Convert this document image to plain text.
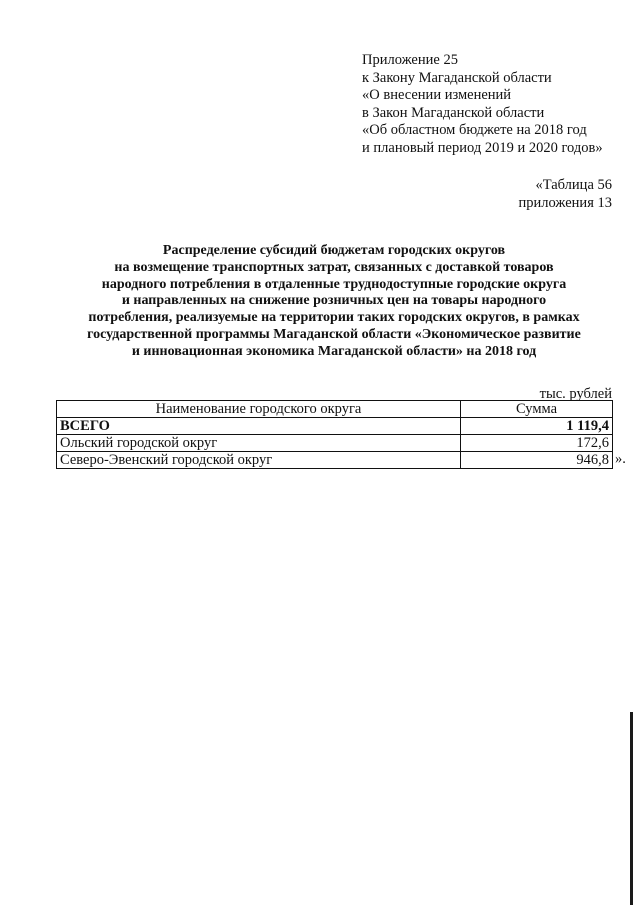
Приложение 25
к Закону Магаданской области
«О внесении изменений
в Закон Магаданской области
«Об областном бюджете на 2018 год
и плановый период 2019 и 2020 годов»
«Таблица 56
приложения 13
Распределение субсидий бюджетам городских округов
на возмещение транспортных затрат, связанных с доставкой товаров
народного потребления в отдаленные труднодоступные городские округа
и направленных на снижение розничных цен на товары народного
потребления, реализуемые на территории таких городских округов, в рамках
государственной программы Магаданской области «Экономическое развитие
и инновационная экономика Магаданской области» на 2018 год
тыс. рублей
Наименование городского округа	Сумма
ВСЕГО	1 119,4
Ольский городской округ	172,6
Северо-Эвенский городской округ	946,8 ».
